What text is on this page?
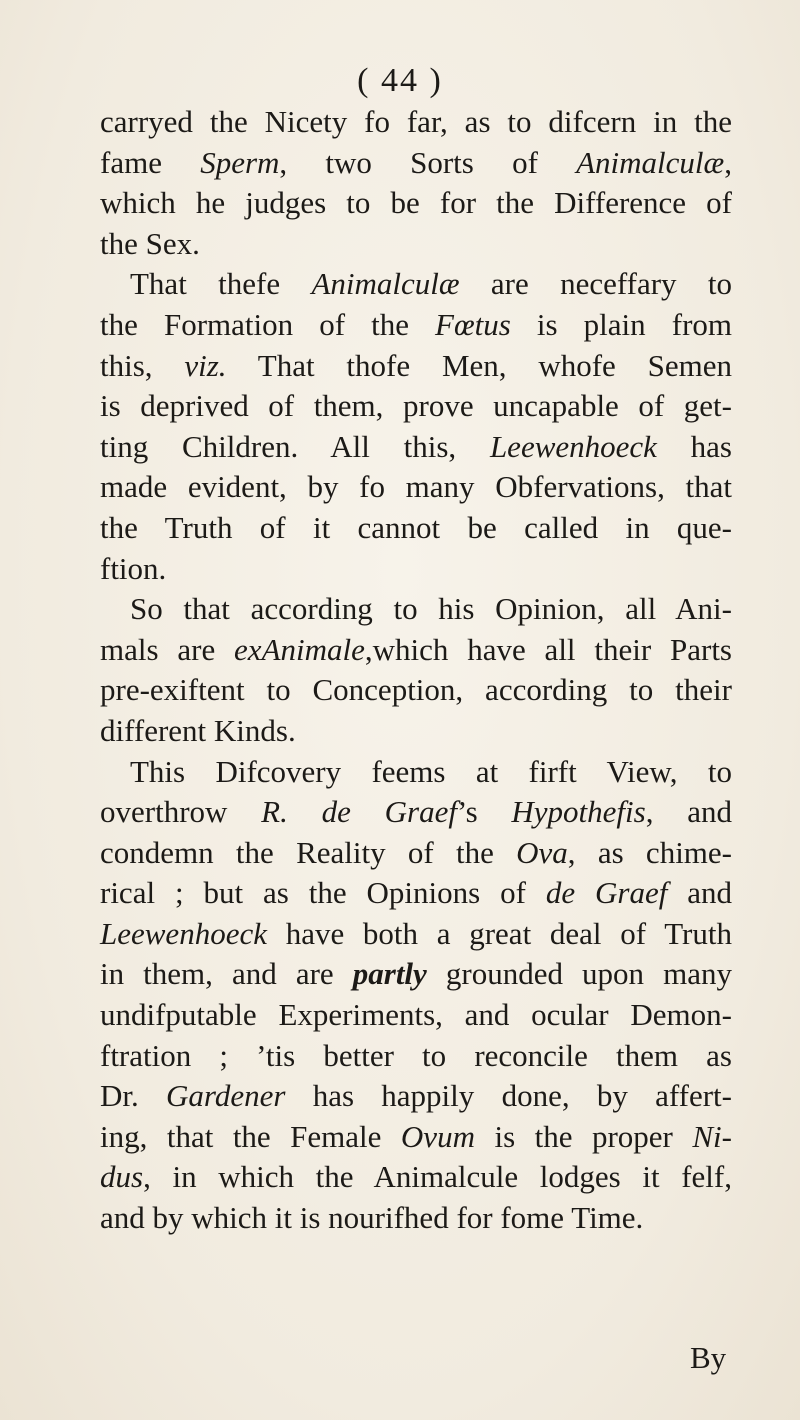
( 44 )
carryed the Nicety fo far, as to difcern in the
fame Sperm, two Sorts of Animalculæ,
which he judges to be for the Difference of
the Sex.
That thefe Animalculæ are neceffary to
the Formation of the Fœtus is plain from
this, viz. That thofe Men, whofe Semen
is deprived of them, prove uncapable of get-
ting Children. All this, Leewenhoeck has
made evident, by fo many Obfervations, that
the Truth of it cannot be called in que-
ftion.
So that according to his Opinion, all Ani-
mals are exAnimale,which have all their Parts
pre-exiftent to Conception, according to their
different Kinds.
This Difcovery feems at firft View, to
overthrow R. de Graef’s Hypothefis, and
condemn the Reality of the Ova, as chime-
rical ; but as the Opinions of de Graef and
Leewenhoeck have both a great deal of Truth
in them, and are partly grounded upon many
undifputable Experiments, and ocular Demon-
ftration ; ’tis better to reconcile them as
Dr. Gardener has happily done, by affert-
ing, that the Female Ovum is the proper Ni-
dus, in which the Animalcule lodges it felf,
and by which it is nourifhed for fome Time.
By
